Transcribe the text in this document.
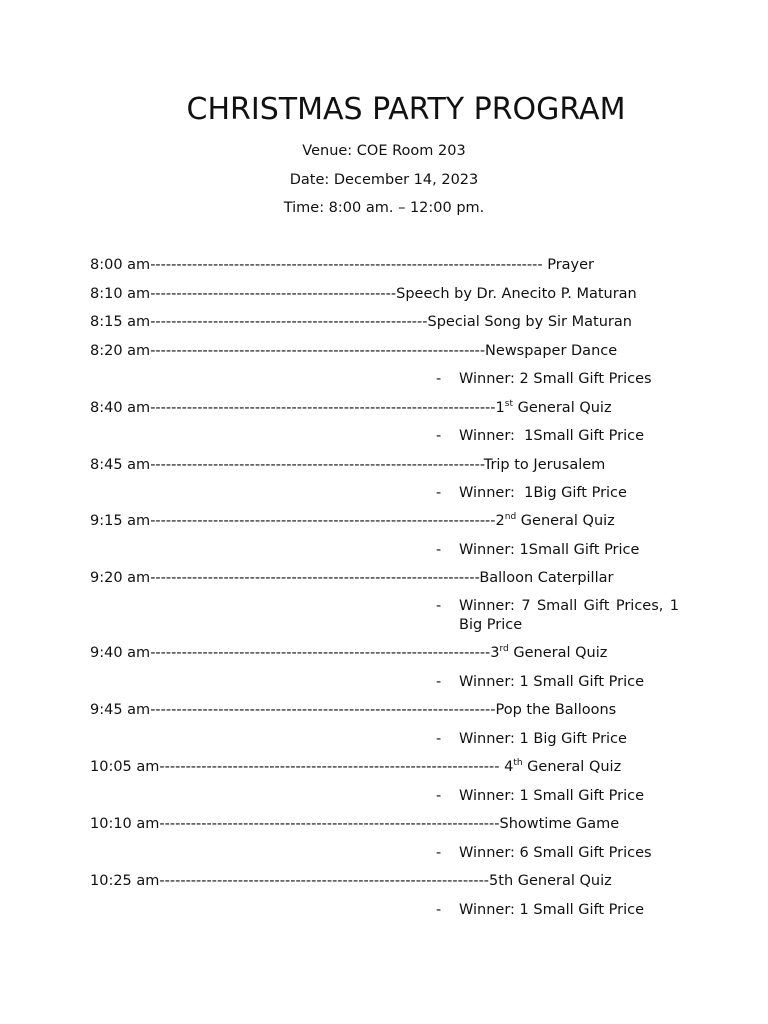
CHRISTMAS PARTY PROGRAM
Venue: COE Room 203
Date: December 14, 2023
Time: 8:00 am. – 12:00 pm.
8:00 am--------------------------------------------------------------------------- Prayer
8:10 am-----------------------------------------------Speech by Dr. Anecito P. Maturan
8:15 am-----------------------------------------------------Special Song by Sir Maturan
8:20 am----------------------------------------------------------------Newspaper Dance
- Winner: 2 Small Gift Prices
8:40 am------------------------------------------------------------------1st General Quiz
- Winner:  1Small Gift Price
8:45 am----------------------------------------------------------------Trip to Jerusalem
- Winner:  1Big Gift Price
9:15 am------------------------------------------------------------------2nd General Quiz
- Winner: 1Small Gift Price
9:20 am---------------------------------------------------------------Balloon Caterpillar
- Winner: 7 Small Gift Prices, 1 Big Price
9:40 am-----------------------------------------------------------------3rd General Quiz
- Winner: 1 Small Gift Price
9:45 am------------------------------------------------------------------Pop the Balloons
- Winner: 1 Big Gift Price
10:05 am----------------------------------------------------------------- 4th General Quiz
- Winner: 1 Small Gift Price
10:10 am-----------------------------------------------------------------Showtime Game
- Winner: 6 Small Gift Prices
10:25 am---------------------------------------------------------------5th General Quiz
- Winner: 1 Small Gift Price
